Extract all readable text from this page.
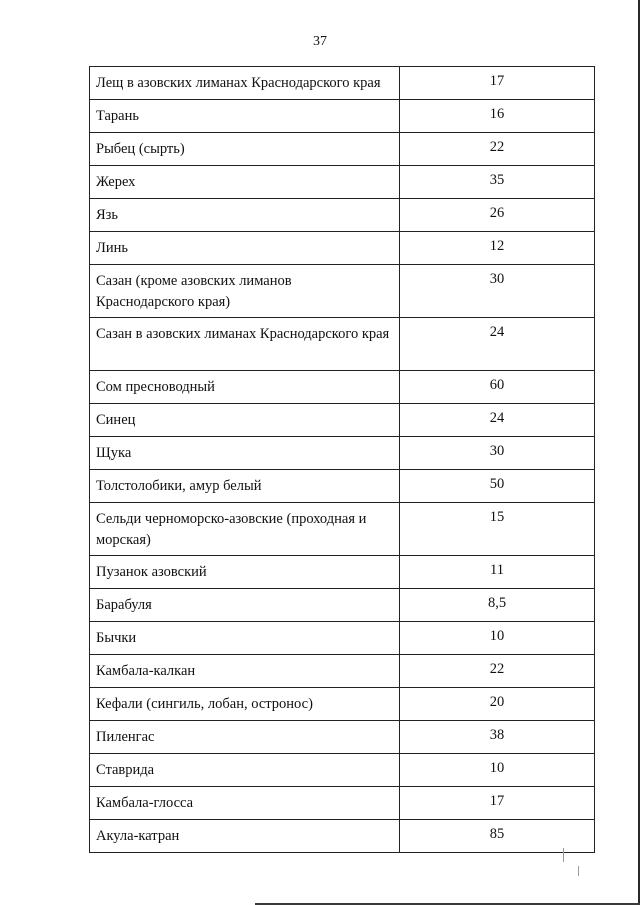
37
Лещ в азовских лиманах Краснодарского края	17
Тарань	16
Рыбец (сырть)	22
Жерех	35
Язь	26
Линь	12
Сазан (кроме азовских лиманов Краснодарского края)	30
Сазан в азовских лиманах Краснодарского края	24
Сом пресноводный	60
Синец	24
Щука	30
Толстолобики, амур белый	50
Сельди черноморско-азовские (проходная и морская)	15
Пузанок азовский	11
Барабуля	8,5
Бычки	10
Камбала-калкан	22
Кефали (сингиль, лобан, остронос)	20
Пиленгас	38
Ставрида	10
Камбала-глосса	17
Акула-катран	85
